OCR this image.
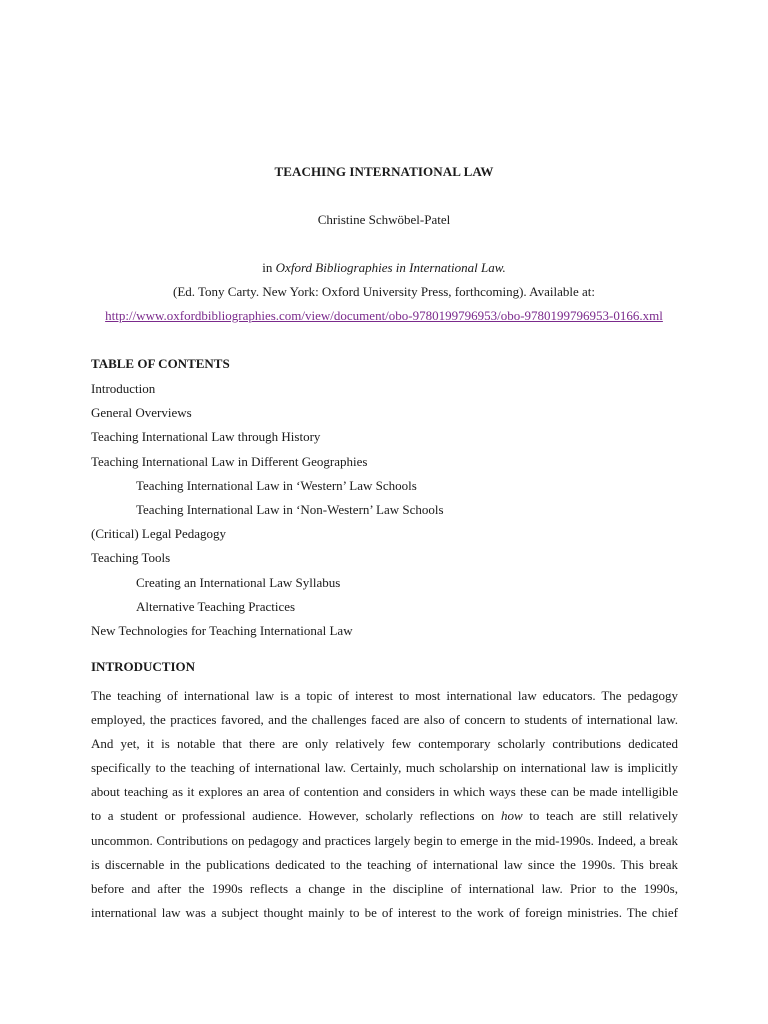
TEACHING INTERNATIONAL LAW
Christine Schwöbel-Patel
in Oxford Bibliographies in International Law.
(Ed. Tony Carty. New York: Oxford University Press, forthcoming). Available at:
http://www.oxfordbibliographies.com/view/document/obo-9780199796953/obo-9780199796953-0166.xml
TABLE OF CONTENTS
Introduction
General Overviews
Teaching International Law through History
Teaching International Law in Different Geographies
Teaching International Law in ‘Western’ Law Schools
Teaching International Law in ‘Non-Western’ Law Schools
(Critical) Legal Pedagogy
Teaching Tools
Creating an International Law Syllabus
Alternative Teaching Practices
New Technologies for Teaching International Law
INTRODUCTION
The teaching of international law is a topic of interest to most international law educators. The pedagogy
employed, the practices favored, and the challenges faced are also of concern to students of international law.
And yet, it is notable that there are only relatively few contemporary scholarly contributions dedicated
specifically to the teaching of international law. Certainly, much scholarship on international law is implicitly
about teaching as it explores an area of contention and considers in which ways these can be made intelligible
to a student or professional audience. However, scholarly reflections on how to teach are still relatively
uncommon. Contributions on pedagogy and practices largely begin to emerge in the mid-1990s. Indeed, a break
is discernable in the publications dedicated to the teaching of international law since the 1990s. This break
before and after the 1990s reflects a change in the discipline of international law. Prior to the 1990s,
international law was a subject thought mainly to be of interest to the work of foreign ministries. The chief
